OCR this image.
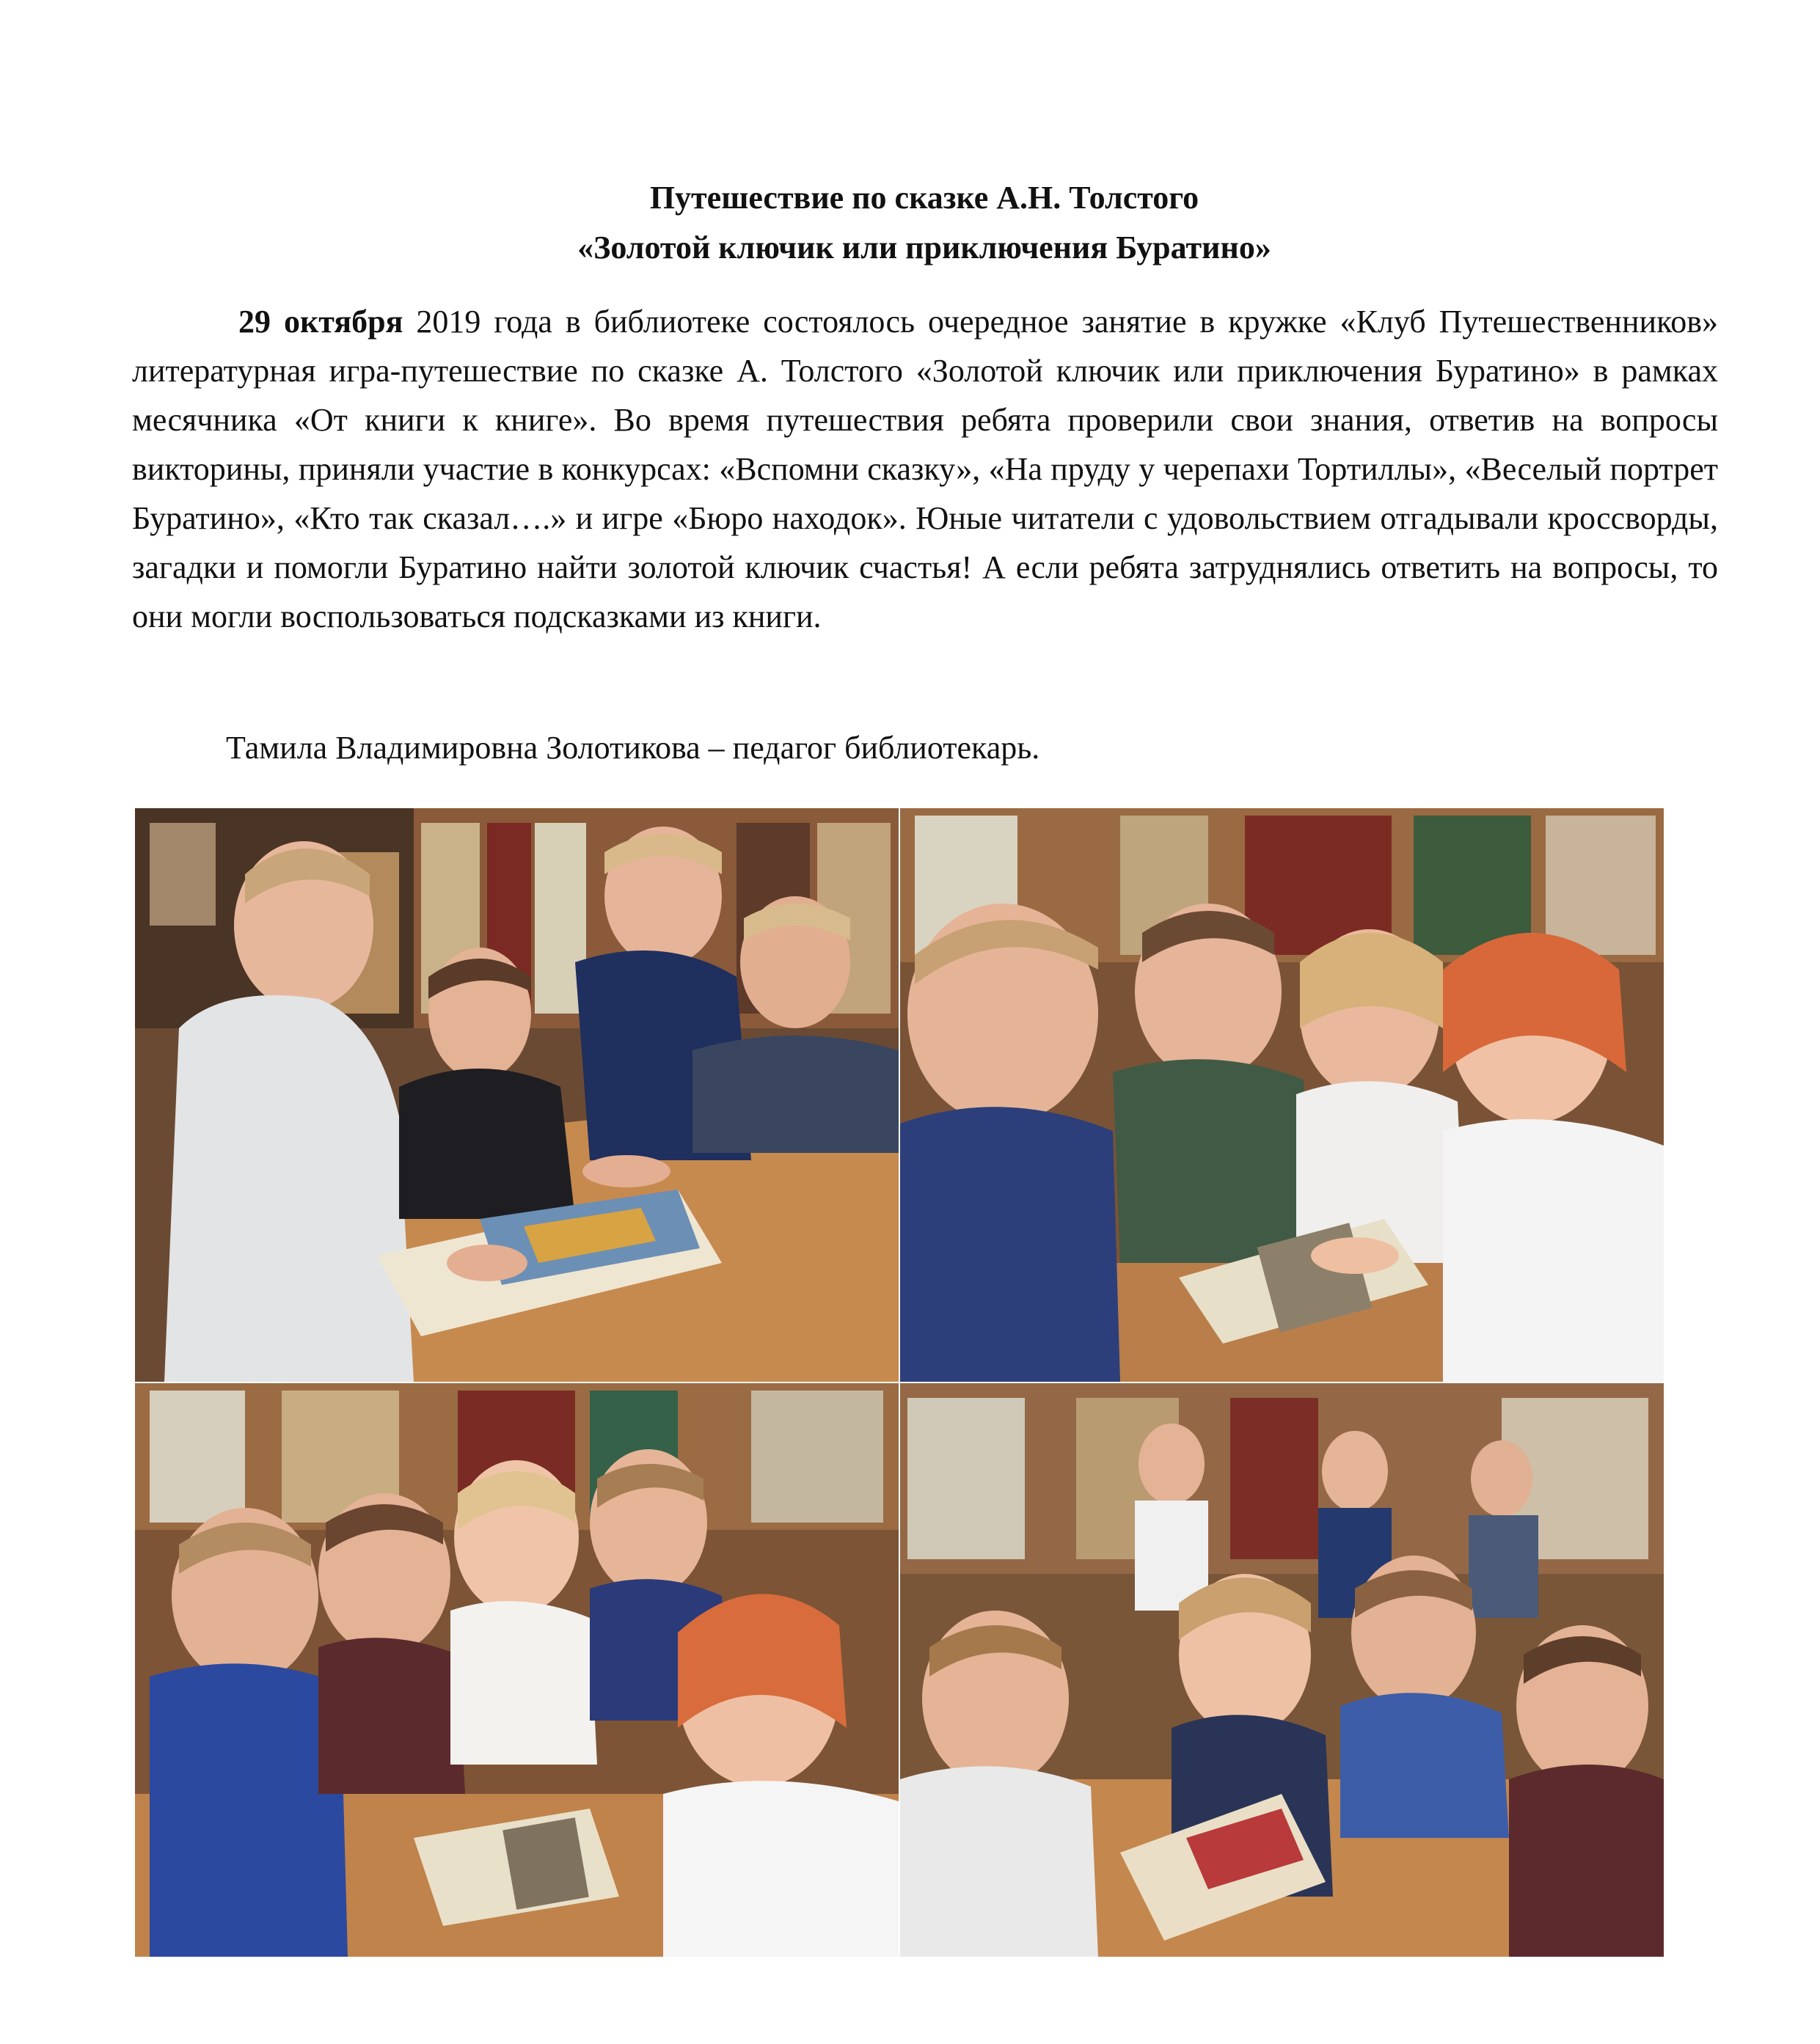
Путешествие по сказке А.Н. Толстого
«Золотой ключик или приключения Буратино»

29 октября 2019 года в библиотеке состоялось очередное занятие в кружке «Клуб Путешественников» литературная игра-путешествие по сказке А. Толстого «Золотой ключик или приключения Буратино» в рамках месячника «От книги к книге». Во время путешествия ребята проверили свои знания, ответив на вопросы викторины, приняли участие в конкурсах: «Вспомни сказку», «На пруду у черепахи Тортиллы», «Веселый портрет Буратино», «Кто так сказал….» и игре «Бюро находок». Юные читатели с удовольствием отгадывали кроссворды, загадки и помогли Буратино найти золотой ключик счастья! А если ребята затруднялись ответить на вопросы, то они могли воспользоваться подсказками из книги.

Тамила Владимировна Золотикова – педагог библиотекарь.
